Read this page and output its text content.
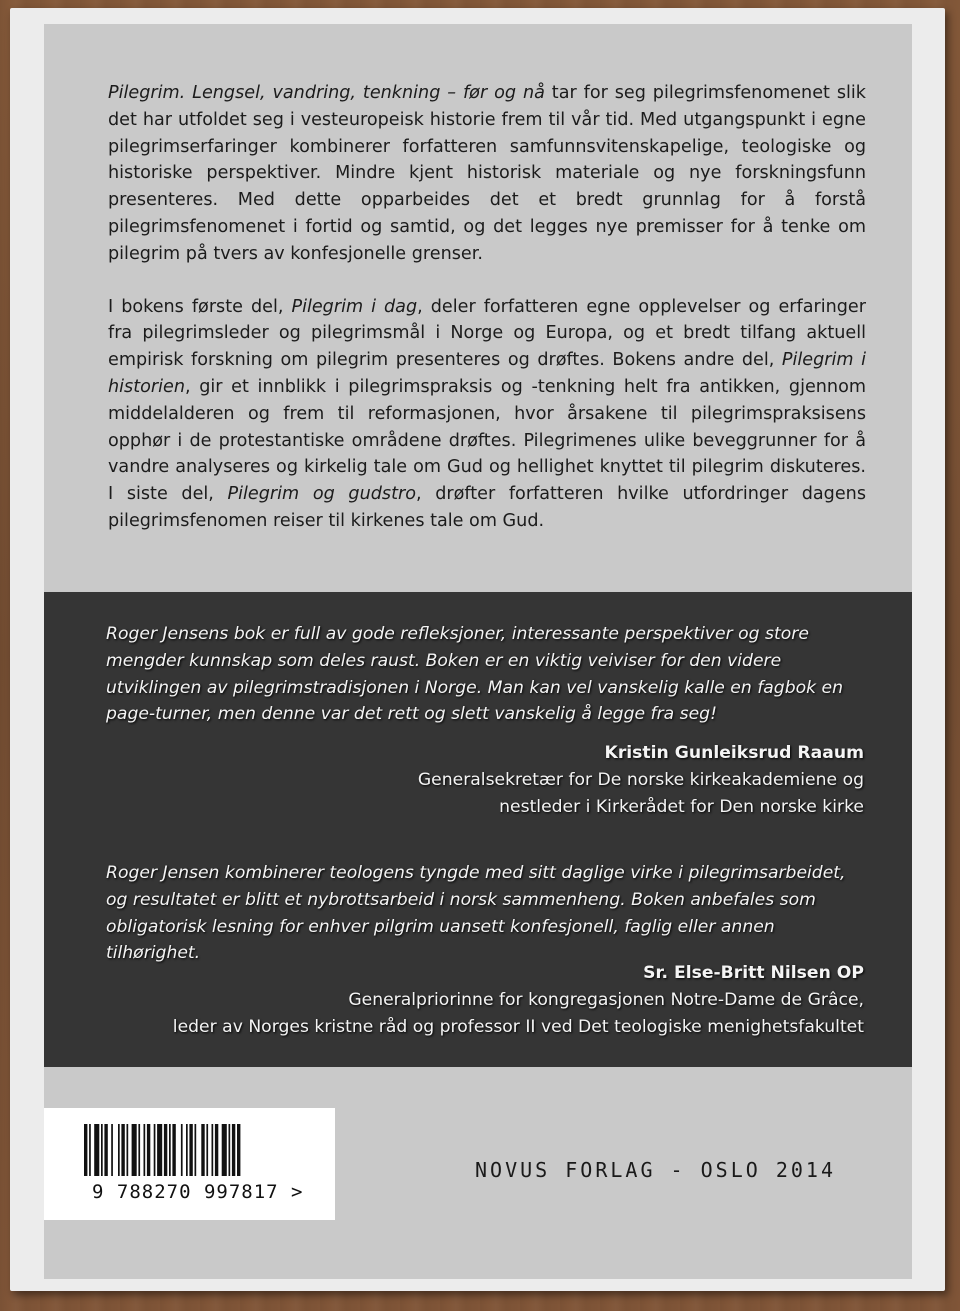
Pilegrim. Lengsel, vandring, tenkning – før og nå tar for seg pilegrimsfenomenet slik det har utfoldet seg i vesteuropeisk historie frem til vår tid. Med utgangspunkt i egne pilegrimserfaringer kombinerer forfatteren samfunnsvitenskapelige, teologiske og historiske perspektiver. Mindre kjent historisk materiale og nye forskningsfunn presenteres. Med dette opparbeides det et bredt grunnlag for å forstå pilegrimsfenomenet i fortid og samtid, og det legges nye premisser for å tenke om pilegrim på tvers av konfesjonelle grenser.

I bokens første del, Pilegrim i dag, deler forfatteren egne opplevelser og erfaringer fra pilegrimsleder og pilegrimsmål i Norge og Europa, og et bredt tilfang aktuell empirisk forskning om pilegrim presenteres og drøftes. Bokens andre del, Pilegrim i historien, gir et innblikk i pilegrimspraksis og -tenkning helt fra antikken, gjennom middelalderen og frem til reformasjonen, hvor årsakene til pilegrimspraksisens opphør i de protestantiske områdene drøftes. Pilegrimenes ulike beveggrunner for å vandre analyseres og kirkelig tale om Gud og hellighet knyttet til pilegrim diskuteres. I siste del, Pilegrim og gudstro, drøfter forfatteren hvilke utfordringer dagens pilegrimsfenomen reiser til kirkenes tale om Gud.

Roger Jensens bok er full av gode refleksjoner, interessante perspektiver og store mengder kunnskap som deles raust. Boken er en viktig veiviser for den videre utviklingen av pilegrimstradisjonen i Norge. Man kan vel vanskelig kalle en fagbok en page-turner, men denne var det rett og slett vanskelig å legge fra seg!
Kristin Gunleiksrud Raaum
Generalsekretær for De norske kirkeakademiene og
nestleder i Kirkerådet for Den norske kirke
Roger Jensen kombinerer teologens tyngde med sitt daglige virke i pilegrimsarbeidet, og resultatet er blitt et nybrottsarbeid i norsk sammenheng. Boken anbefales som obligatorisk lesning for enhver pilgrim uansett konfesjonell, faglig eller annen tilhørighet.
Sr. Else-Britt Nilsen OP
Generalpriorinne for kongregasjonen Notre-Dame de Grâce,
leder av Norges kristne råd og professor II ved Det teologiske menighetsfakultet
9 788270 997817 >
NOVUS FORLAG - OSLO 2014
